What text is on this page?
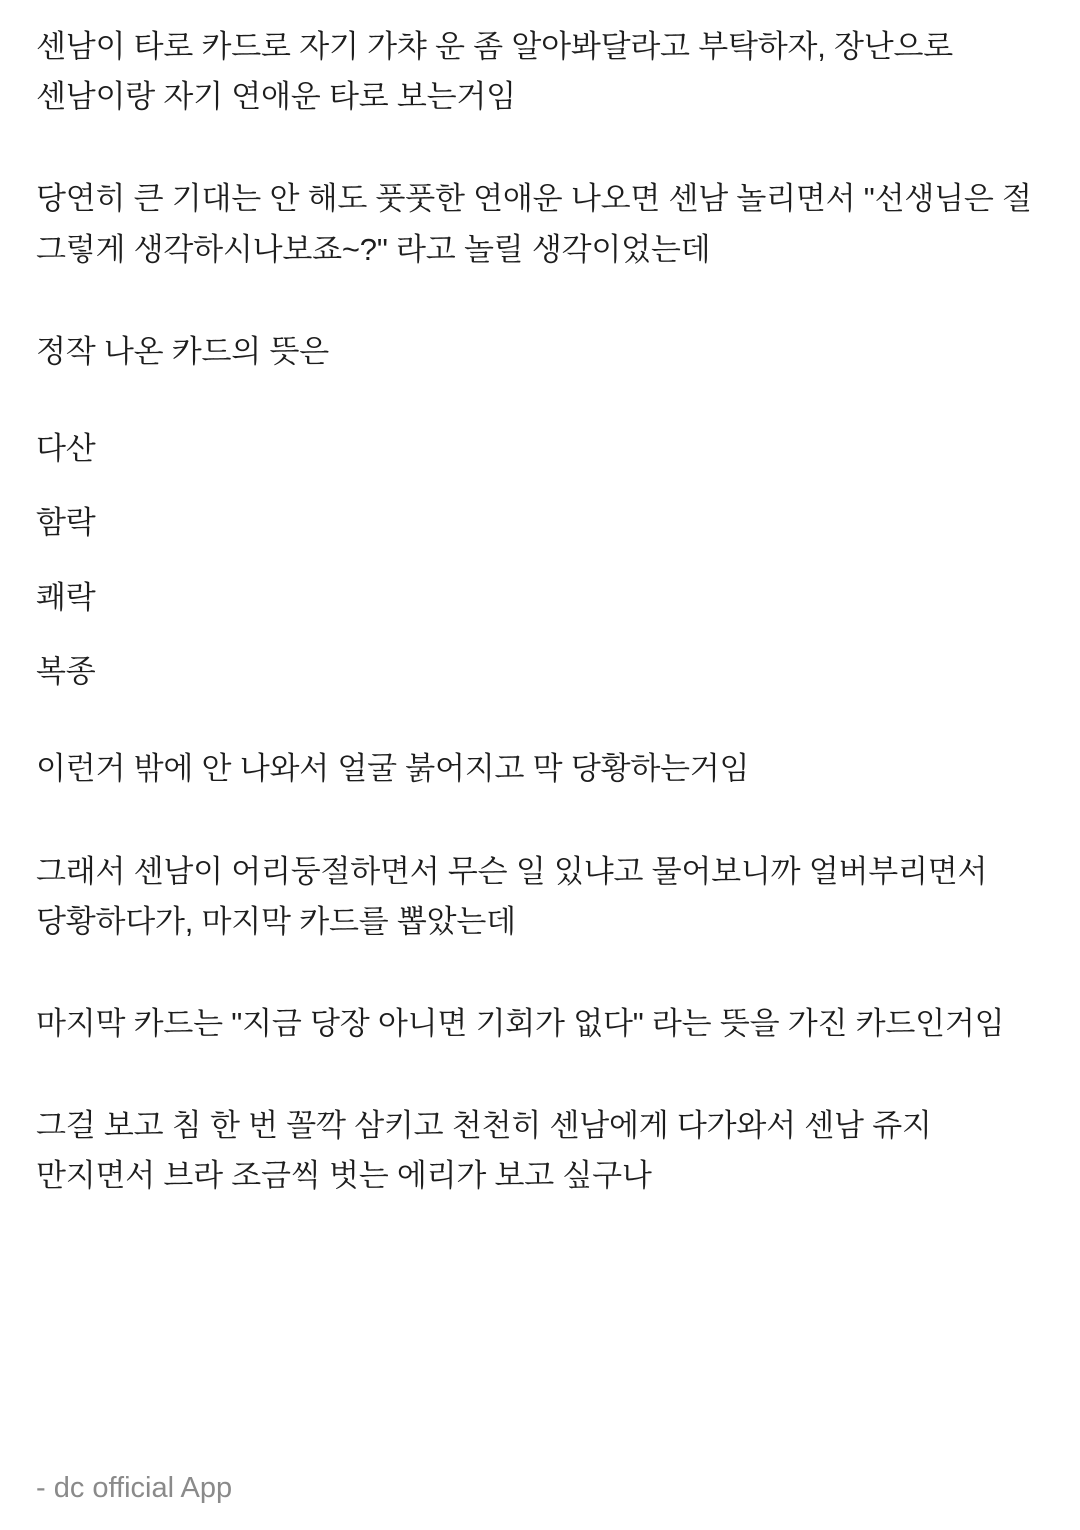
센남이 타로 카드로 자기 가챠 운 좀 알아봐달라고 부탁하자, 장난으로 센남이랑 자기 연애운 타로 보는거임

당연히 큰 기대는 안 해도 풋풋한 연애운 나오면 센남 놀리면서 "선생님은 절 그렇게 생각하시나보죠~?" 라고 놀릴 생각이었는데

정작 나온 카드의 뜻은

다산
함락
쾌락
복종

이런거 밖에 안 나와서 얼굴 붉어지고 막 당황하는거임

그래서 센남이 어리둥절하면서 무슨 일 있냐고 물어보니까 얼버부리면서 당황하다가, 마지막 카드를 뽑았는데

마지막 카드는 "지금 당장 아니면 기회가 없다" 라는 뜻을 가진 카드인거임

그걸 보고 침 한 번 꼴깍 삼키고 천천히 센남에게 다가와서 센남 쥬지 만지면서 브라 조금씩 벗는 에리가 보고 싶구나

- dc official App
